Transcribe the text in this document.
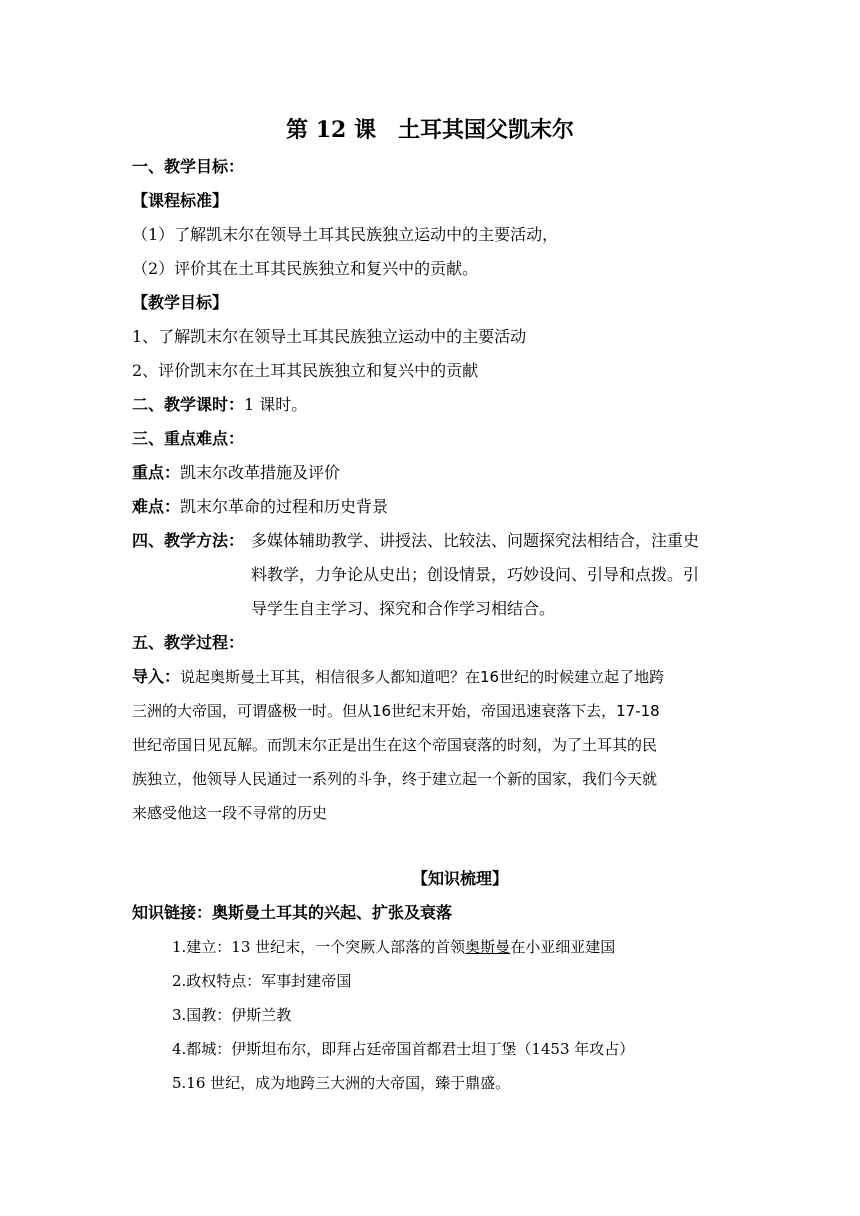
第 12 课　土耳其国父凯末尔
一、教学目标：
【课程标准】
（1）了解凯末尔在领导土耳其民族独立运动中的主要活动，
（2）评价其在土耳其民族独立和复兴中的贡献。
【教学目标】
1、了解凯末尔在领导土耳其民族独立运动中的主要活动
2、评价凯末尔在土耳其民族独立和复兴中的贡献
二、教学课时：1 课时。
三、重点难点：
重点：凯末尔改革措施及评价
难点：凯末尔革命的过程和历史背景
四、教学方法： 多媒体辅助教学、讲授法、比较法、问题探究法相结合，注重史
料教学，力争论从史出；创设情景，巧妙设问、引导和点拨。引
导学生自主学习、探究和合作学习相结合。
五、教学过程：
导入：说起奥斯曼土耳其，相信很多人都知道吧？在16世纪的时候建立起了地跨
三洲的大帝国，可谓盛极一时。但从16世纪末开始，帝国迅速衰落下去，17-18
世纪帝国日见瓦解。而凯末尔正是出生在这个帝国衰落的时刻，为了土耳其的民
族独立，他领导人民通过一系列的斗争，终于建立起一个新的国家，我们今天就
来感受他这一段不寻常的历史
【知识梳理】
知识链接：奥斯曼土耳其的兴起、扩张及衰落
1.建立：13 世纪末，一个突厥人部落的首领奥斯曼在小亚细亚建国
2.政权特点：军事封建帝国
3.国教：伊斯兰教
4.都城：伊斯坦布尔，即拜占廷帝国首都君士坦丁堡（1453 年攻占）
5.16 世纪，成为地跨三大洲的大帝国，臻于鼎盛。
